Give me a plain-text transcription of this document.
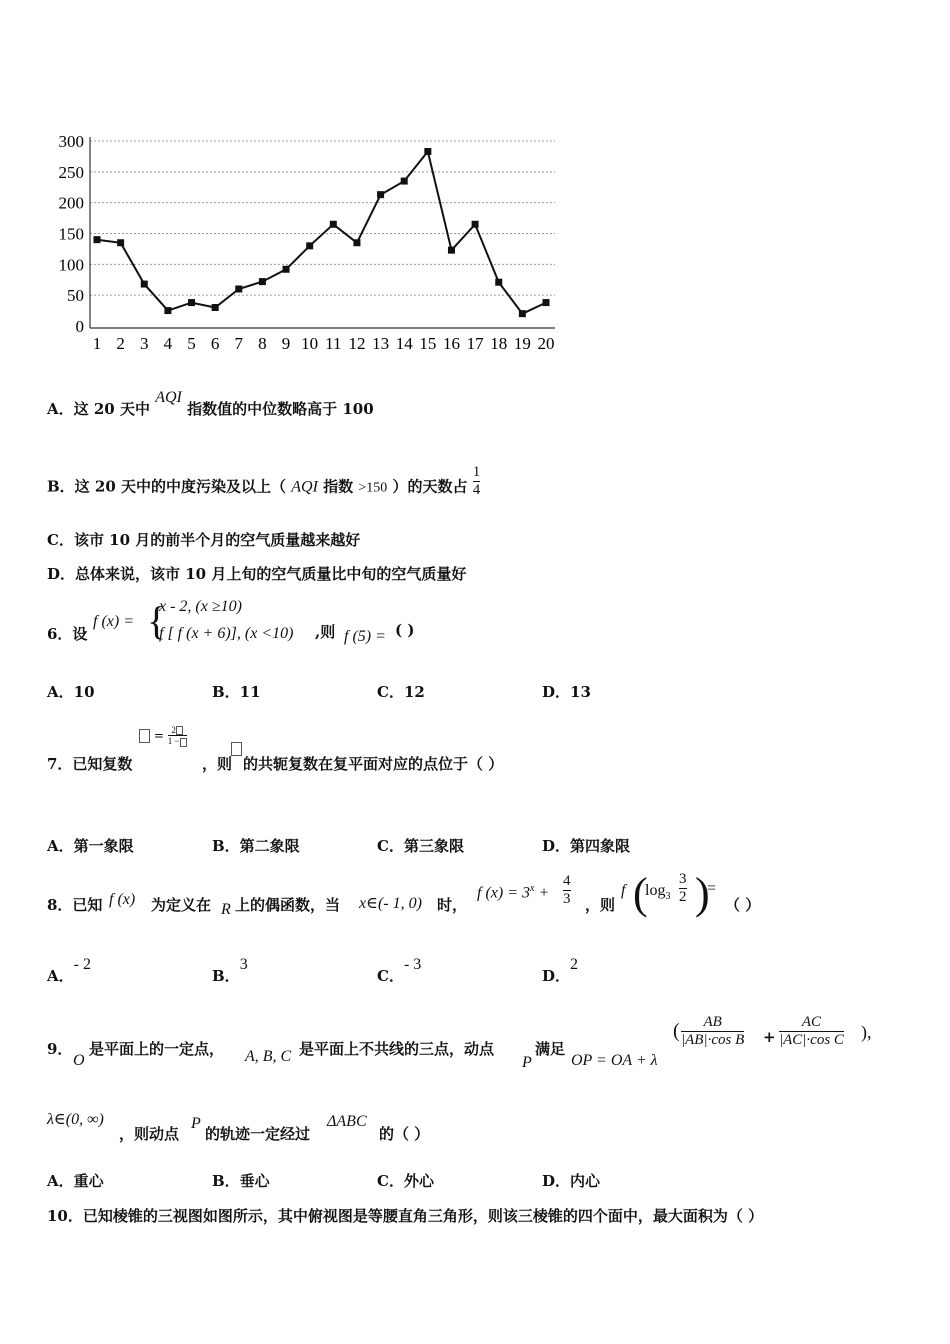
0
50
100
150
200
250
300
1 2 3 4 5 6 7 8 9 10 11 12 13 14 15 16 17 18 19 20
A．这 20 天中 AQI 指数值的中位数略高于 100
B．这 20 天中的中度污染及以上（ AQI 指数 >150 ）的天数占 $\frac{1}{4}$
C．该市 10 月的前半个月的空气质量越来越好
D．总体来说，该市 10 月上旬的空气质量比中旬的空气质量好
6．设
f (x) = {
x - 2, (x ≥10)
f [ f (x + 6)], (x <10) ,则 f (5) = ( )
A．10	B．11	C．12	D．13
7．已知复数
= $\frac{2}{1 -}$
，则 的共轭复数在复平面对应的点位于（ ）
A．第一象限	B．第二象限	C．第三象限	D．第四象限
8．已知 f (x) 为定义在 R 上的偶函数，当 x∈(- 1, 0) 时，
f $(x) = 3^x + \frac{4}{3}$ ，则
f (
$\log_3 \frac{3}{2}$ )
=
（ ）
A．- 2
B．3
C．- 3
D．2
9．
O
是平面上的一定点， A, B, C 是平面上不共线的三点，动点
P
满足
OP = OA + λ
( $\frac{AB}{\text{|AB|·cos B}} + \frac{AC}{\text{|AC|·cos C}}$ ),
λ∈(0, ∞)
，则动点
P
的轨迹一定经过
ΔABC
的（ ）
A．重心	B．垂心	C．外心	D．内心
10．已知棱锥的三视图如图所示，其中俯视图是等腰直角三角形，则该三棱锥的四个面中，最大面积为（ ）
